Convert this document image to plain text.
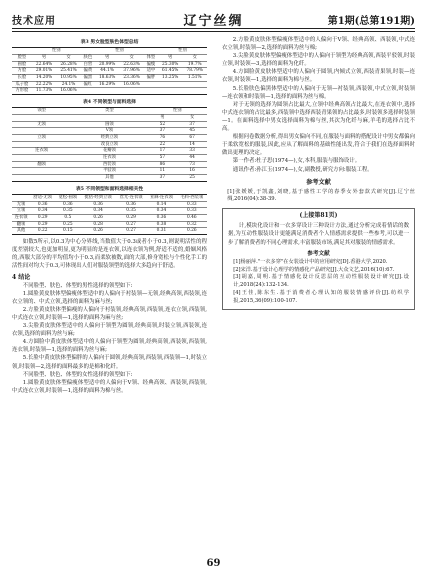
技术应用	辽宁丝绸	第1期(总第191期)
表3 男女脸型肤色体型总结
	性别			性别			性别	
脸型	男	女	肤色	男	女	体型	男	女
圆脸	22.64%	26.28%	白皙	20.99%	22.63%	偏瘦	25.30%	19.7%
方脸	29.01%	25.41%	偏黄	44.1%	37.96%	适中	61.45%	78.79%
长脸	14.20%	10.95%	偏黑	18.63%	23.36%	偏胖	13.25%	1.51%
瓜子脸	22.22%	24.1%	偏红	16.29%	16.06%			
方形脸	11.73%	16.06%						
表4 不同领型与面料选择
领型	类型	性别	
		男	女
无领	圆领	52	37
	V领	37	45
立领	经典立领	76	67
	改良立领	22	14
连衣领	花瓣领	17	33
	连衣领	57	44
翻领	西装领	86	73
	平驳领	11	16
	其他	37	25
表5 不同领型和面料选择相关性
	舒适-无领	宽松-圆领	挺括-经典立领	丝光-连衣领	亚麻-连衣领	毛料-西装领
无领	0.36	0.36	0.36	0.36	0.14	0.33
立领	0.34	0.35	0.34	0.35	0.34	0.33
连衣领	0.29	0.5	0.26	0.29	0.36	0.46
翻领	0.29	0.25	0.28	0.27	0.38	0.32
其他	0.22	0.15	0.26	0.27	0.31	0.26

如数5所示,以0.3为中心分界线,当数值大于0.3或者小于0.3,则说明活性的程度差别较大,也更加明显,更为明显的是连衣领,以连衣领为例,舒适不适的,婚姻风格的,西服大部分的平均值均小于0.3,而柔软被数,面的大部,修身宽松与个性化手工的活性间对均大于0.3,可体现出人们对服装领型的选择大多趋向于舒适。

4 结论

不同脸型、肤色、体型的男性选择的领型如下:

1.圆脸黄皮肤体型偏瘦体型适中的人偏向于衬装领—无领,经典高领,西装领,连衣立领的、中式立领,选择的面料为麻与丝;

2.方脸黄皮肤体型偏瘦的人偏向于衬装领,经典高领,西装领,连衣立领,西装领,中式连衣立领,时装领—1,选择的面料为麻与丝;

3.尖脸黄皮肤体型适中的人偏向于领型为圆领,经典高领,时装立领,西装领,连衣领,选择的面料为丝与麻;

4.方圆脸中黄皮肤体型适中的人偏向于领型为圆领,经典高领,西装领,西装领,连衣领,时装领—1,选择的面料为丝与麻;

5.长脸中黄皮肤体型偏胖的人偏向于圆领,经典高领,西装领,西装领—1,时装立领,时装领—2,选择的面料最多的是棉和化纤。

不同脸型、肤色、体型的女性选择的领型如下:

1.圆脸黄皮肤体型偏瘦体型适中的人偏向于V领、经典高领、西装领,西装领,中式连衣立领,时装领—1,选择的面料为棉与丝。

2.方脸黄皮肤体型偏瘦体型适中的人偏向于V领、经典高领、西装领,中式连衣立领,时装领—2,选择的面料为丝与棉;

3.尖脸黄皮肤体型偏瘦体型适中的人偏向于领型为经典高领,西装平驳领,时装立领,时装领—3,选择的面料为化纤。

4.方圆脸黄皮肤体型适中的人偏向于圆领,内倾式立领,西装青果领,时装—连衣领,时装领—1,选择的面料为棉与丝。

5.长脸肤色偏黑体型适中的人偏向于无领—衬装领,西装领,中式立领,时装领—连衣领和时装领—1,选择的面料为丝与棉。

对于无领的选择为圆领占比最大,立领中经典高领占比最大,在连衣领中,选择中式连衣领的占比最多,西装领中选择西装青果领的占比最多,时装领多选择时装领—1。在面料选择中男女选择面料为棉与丝,其次为化纤与麻,羊毛的选择占比不高。

根据问卷数据分析,得出男女偏向不同,在服装与面料的搭配设计中男女都偏向于柔软宽松的服装,因此,应从了解面料的基础性能出发,符合于我们在选择面料时做出更理的决定。

第一作者:杜子思(1974—),女,本科,服装与服饰设计。

通讯作者:孙江玉(1974—),女,副教授,研究方向:服装工程。

参考文献

[1]张媛媛,于凯鑫,刘晓,基于感性工学的春季女外套款式研究[J].辽宁丝绸,2016(04):38-39.

(上接第81页)

计,模块化设计和一衣多穿设计三种设计方法,通过分析完成着情话的数据,为互动性服装设计更能满足消费者个人情感需求提供一些参考,可以进一步了解消费者的不同心理需求,丰富服装市场,满足其对服装的情感需求。

参考文献

[1]杨丽萍."一衣多穿"在女装设计中的应用研究[D].香港大学,2020.

[2]宋洋.基于设计心理学的情感化产品研究[J].大众文艺,2016(10):67.

[3]胡嘉,周明.基于情感化设计反思层的互动性服装设计研究[J].设计,2018(24):132-134.

[4]王佳,陈东生.基于消费者心理认知的服装情感评价[J].纺织学报,2015,36(09):100-107.

69
